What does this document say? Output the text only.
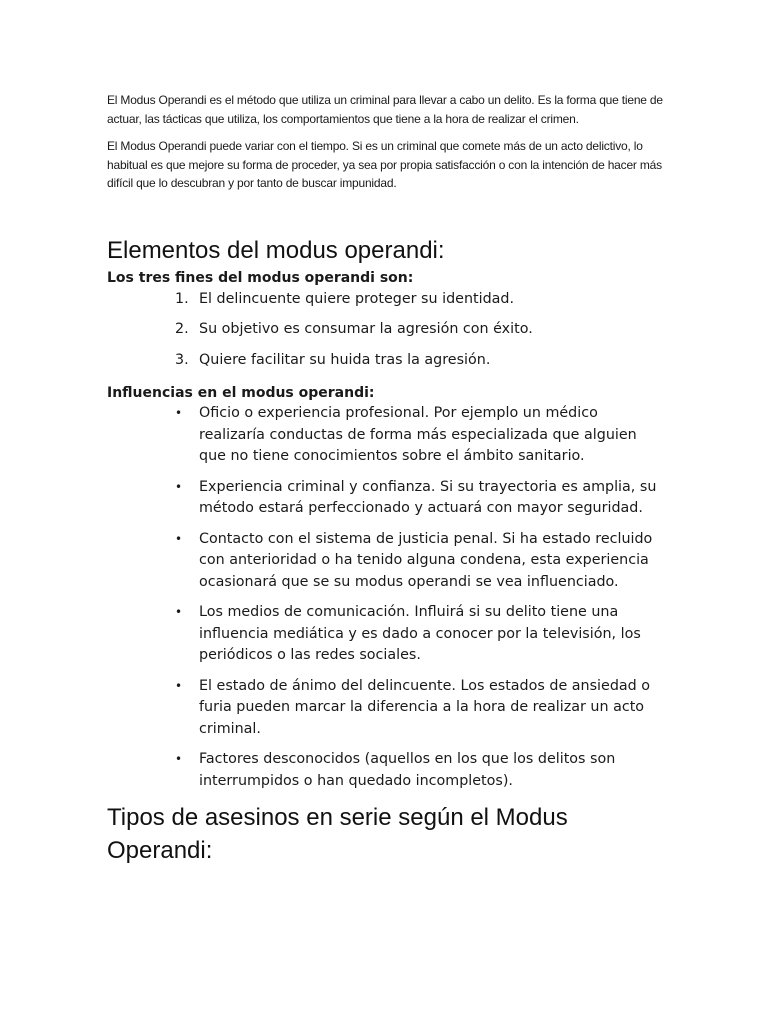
El Modus Operandi es el método que utiliza un criminal para llevar a cabo un delito. Es la forma que tiene de actuar, las tácticas que utiliza, los comportamientos que tiene a la hora de realizar el crimen.

El Modus Operandi puede variar con el tiempo. Si es un criminal que comete más de un acto delictivo, lo habitual es que mejore su forma de proceder, ya sea por propia satisfacción o con la intención de hacer más difícil que lo descubran y por tanto de buscar impunidad.

Elementos del modus operandi:
Los tres fines del modus operandi son:
1. El delincuente quiere proteger su identidad.
2. Su objetivo es consumar la agresión con éxito.
3. Quiere facilitar su huida tras la agresión.
Influencias en el modus operandi:
• Oficio o experiencia profesional. Por ejemplo un médico realizaría conductas de forma más especializada que alguien que no tiene conocimientos sobre el ámbito sanitario.
• Experiencia criminal y confianza. Si su trayectoria es amplia, su método estará perfeccionado y actuará con mayor seguridad.
• Contacto con el sistema de justicia penal. Si ha estado recluido con anterioridad o ha tenido alguna condena, esta experiencia ocasionará que se su modus operandi se vea influenciado.
• Los medios de comunicación. Influirá si su delito tiene una influencia mediática y es dado a conocer por la televisión, los periódicos o las redes sociales.
• El estado de ánimo del delincuente. Los estados de ansiedad o furia pueden marcar la diferencia a la hora de realizar un acto criminal.
• Factores desconocidos (aquellos en los que los delitos son interrumpidos o han quedado incompletos).
Tipos de asesinos en serie según el Modus Operandi:
